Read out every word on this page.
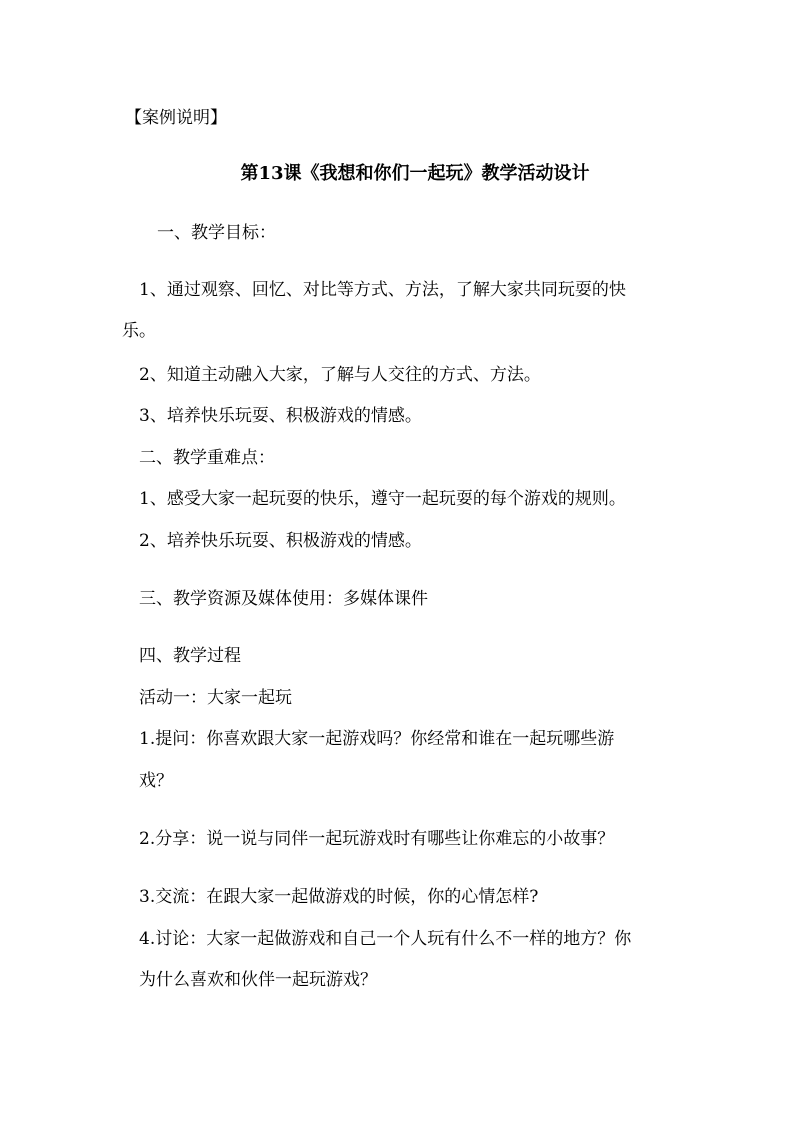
【案例说明】
第13课《我想和你们一起玩》教学活动设计
一、教学目标：
1、通过观察、回忆、对比等方式、方法，了解大家共同玩耍的快
乐。
2、知道主动融入大家，了解与人交往的方式、方法。
3、培养快乐玩耍、积极游戏的情感。
二、教学重难点：
1、感受大家一起玩耍的快乐，遵守一起玩耍的每个游戏的规则。
2、培养快乐玩耍、积极游戏的情感。
三、教学资源及媒体使用：多媒体课件
四、教学过程
活动一：大家一起玩
1.提问：你喜欢跟大家一起游戏吗？你经常和谁在一起玩哪些游
戏？
2.分享：说一说与同伴一起玩游戏时有哪些让你难忘的小故事？
3.交流：在跟大家一起做游戏的时候，你的心情怎样?
4.讨论：大家一起做游戏和自己一个人玩有什么不一样的地方？你
为什么喜欢和伙伴一起玩游戏？
